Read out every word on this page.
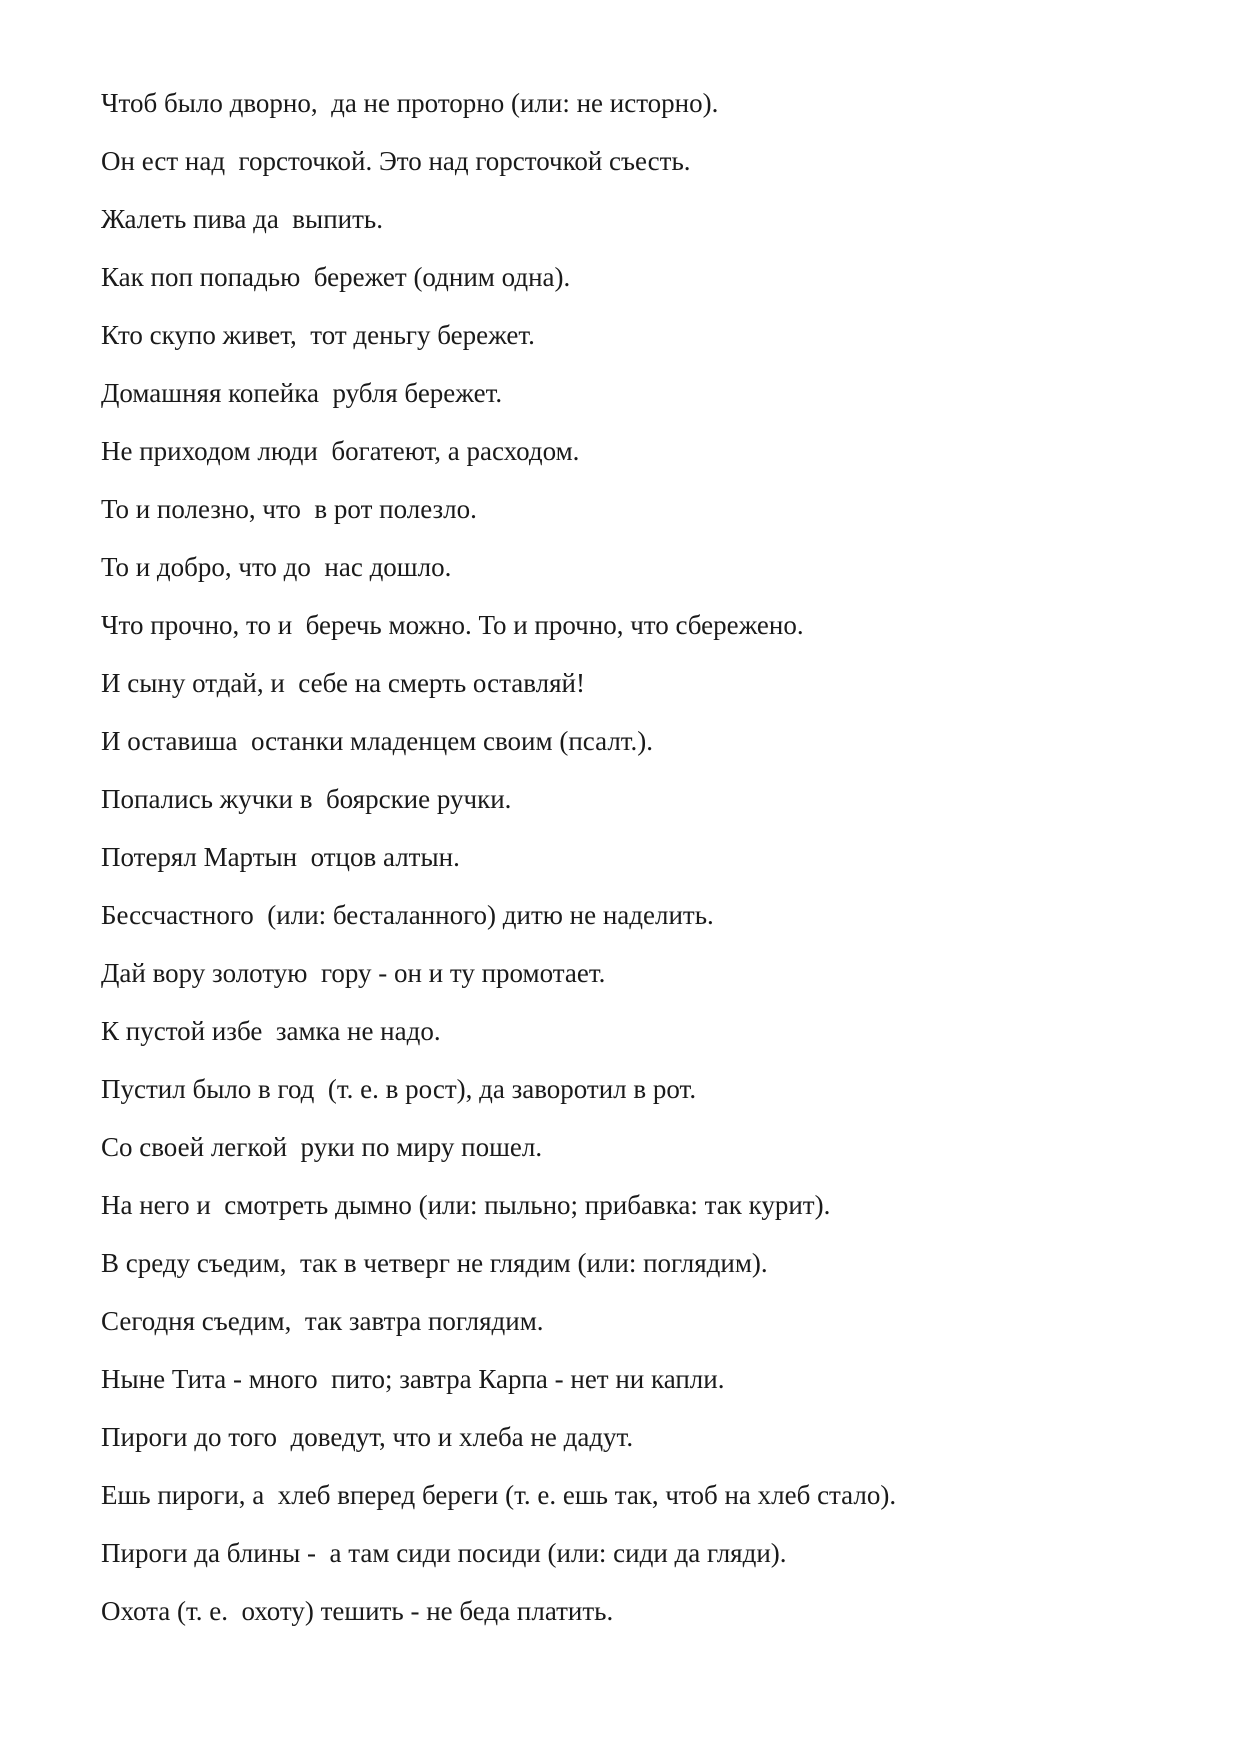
Чтоб было дворно,  да не проторно (или: не исторно).
Он ест над  горсточкой. Это над горсточкой съесть.
Жалеть пива да  выпить.
Как поп попадью  бережет (одним одна).
Кто скупо живет,  тот деньгу бережет.
Домашняя копейка  рубля бережет.
Не приходом люди  богатеют, а расходом.
То и полезно, что  в рот полезло.
То и добро, что до  нас дошло.
Что прочно, то и  беречь можно. То и прочно, что сбережено.
И сыну отдай, и  себе на смерть оставляй!
И оставиша  останки младенцем своим (псалт.).
Попались жучки в  боярские ручки.
Потерял Мартын  отцов алтын.
Бессчастного  (или: бесталанного) дитю не наделить.
Дай вору золотую  гору - он и ту промотает.
К пустой избе  замка не надо.
Пустил было в год  (т. е. в рост), да заворотил в рот.
Со своей легкой  руки по миру пошел.
На него и  смотреть дымно (или: пыльно; прибавка: так курит).
В среду съедим,  так в четверг не глядим (или: поглядим).
Сегодня съедим,  так завтра поглядим.
Ныне Тита - много  пито; завтра Карпа - нет ни капли.
Пироги до того  доведут, что и хлеба не дадут.
Ешь пироги, а  хлеб вперед береги (т. е. ешь так, чтоб на хлеб стало).
Пироги да блины -  а там сиди посиди (или: сиди да гляди).
Охота (т. е.  охоту) тешить - не беда платить.
